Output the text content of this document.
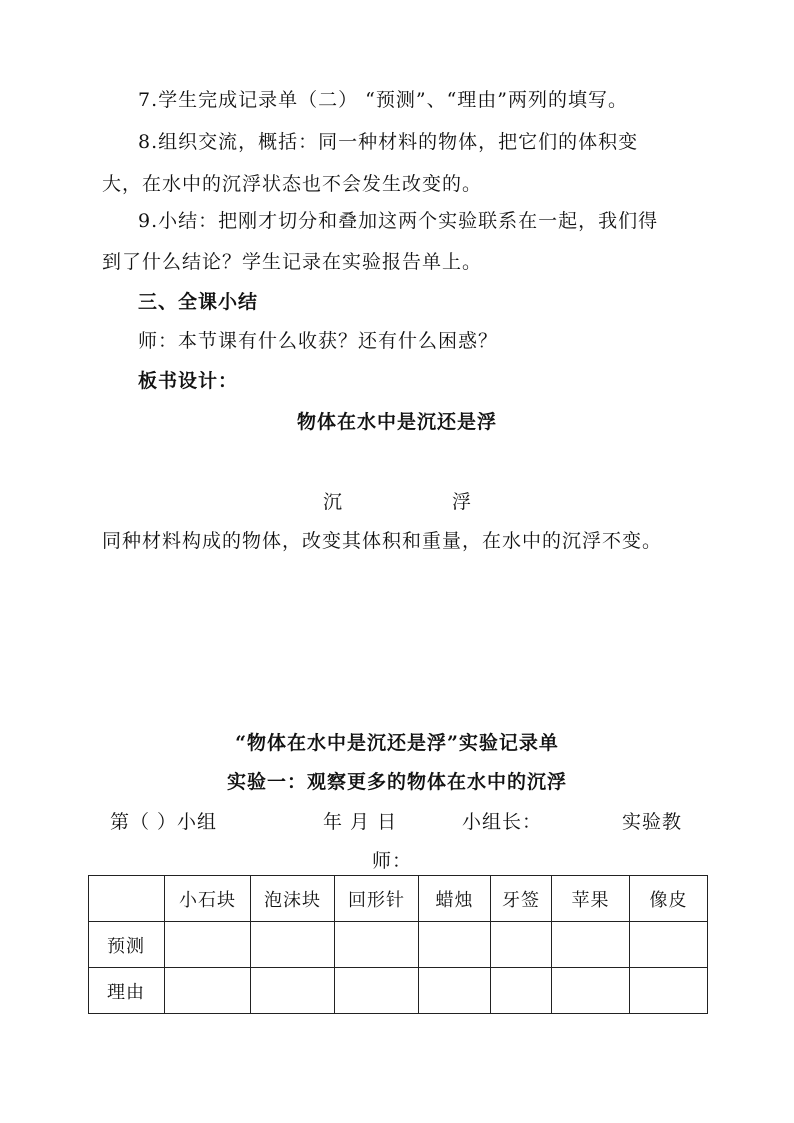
7.学生完成记录单（二） “预测”、“理由”两列的填写。
8.组织交流，概括：同一种材料的物体，把它们的体积变
大，在水中的沉浮状态也不会发生改变的。
9.小结：把刚才切分和叠加这两个实验联系在一起，我们得
到了什么结论？学生记录在实验报告单上。
三、全课小结
师：本节课有什么收获？还有什么困惑？
板书设计：
物体在水中是沉还是浮
沉	浮
同种材料构成的物体，改变其体积和重量，在水中的沉浮不变。
“物体在水中是沉还是浮”实验记录单
实验一：观察更多的物体在水中的沉浮
第（ ）小组	年 月 日	小组长：	实验教
师：
	小石块	泡沫块	回形针	蜡烛	牙签	苹果	像皮
预测							
理由							
